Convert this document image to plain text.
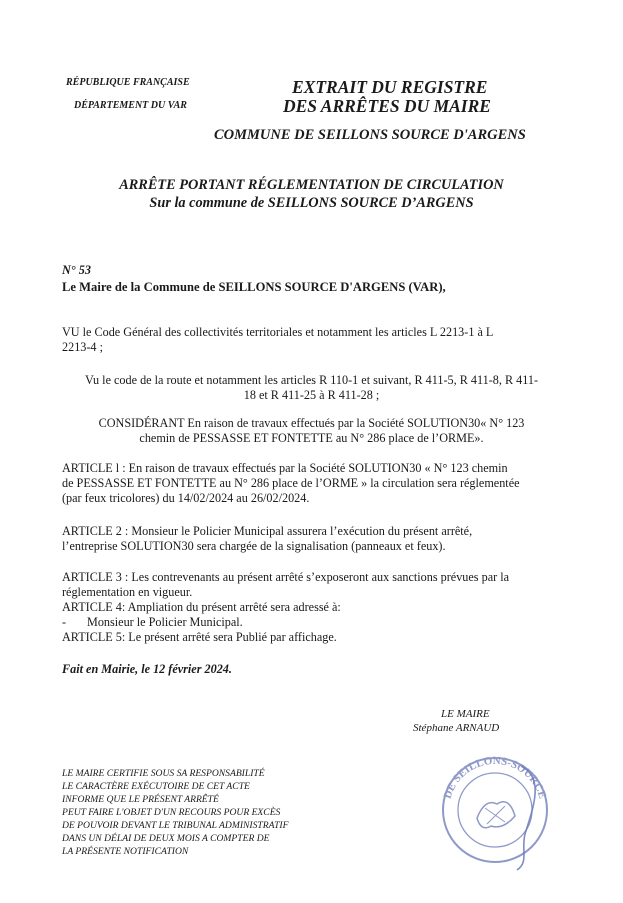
RÉPUBLIQUE FRANÇAISE
DÉPARTEMENT DU VAR
EXTRAIT DU REGISTRE
DES ARRÊTES DU MAIRE
COMMUNE DE SEILLONS SOURCE D'ARGENS
ARRÊTE PORTANT RÉGLEMENTATION DE CIRCULATION
Sur la commune de SEILLONS SOURCE D’ARGENS
N° 53
Le Maire de la Commune de SEILLONS SOURCE D'ARGENS (VAR),
VU le Code Général des collectivités territoriales et notamment les articles L 2213-1 à L
2213-4 ;
Vu le code de la route et notamment les articles R 110-1 et suivant, R 411-5, R 411-8, R 411-
18 et R 411-25 à R 411-28 ;
CONSIDÉRANT En raison de travaux effectués par la Société SOLUTION30« N° 123
chemin de PESSASSE ET FONTETTE au N° 286 place de l’ORME».
ARTICLE l : En raison de travaux effectués par la Société SOLUTION30 « N° 123 chemin
de PESSASSE ET FONTETTE au N° 286 place de l’ORME » la circulation sera réglementée
(par feux tricolores) du 14/02/2024 au 26/02/2024.
ARTICLE 2 : Monsieur le Policier Municipal assurera l’exécution du présent arrêté,
l’entreprise SOLUTION30 sera chargée de la signalisation (panneaux et feux).
ARTICLE 3 : Les contrevenants au présent arrêté s’exposeront aux sanctions prévues par la
réglementation en vigueur.
ARTICLE 4: Ampliation du présent arrêté sera adressé à:
- Monsieur le Policier Municipal.
ARTICLE 5: Le présent arrêté sera Publié par affichage.
Fait en Mairie, le 12 février 2024.
LE MAIRE
Stéphane ARNAUD
LE MAIRE CERTIFIE SOUS SA RESPONSABILITÉ
LE CARACTÈRE EXÉCUTOIRE DE CET ACTE
INFORME QUE LE PRÉSENT ARRÊTÉ
PEUT FAIRE L'OBJET D'UN RECOURS POUR EXCÈS
DE POUVOIR DEVANT LE TRIBUNAL ADMINISTRATIF
DANS UN DÉLAI DE DEUX MOIS A COMPTER DE
LA PRÉSENTE NOTIFICATION
DE SEILLONS-SOURCE
